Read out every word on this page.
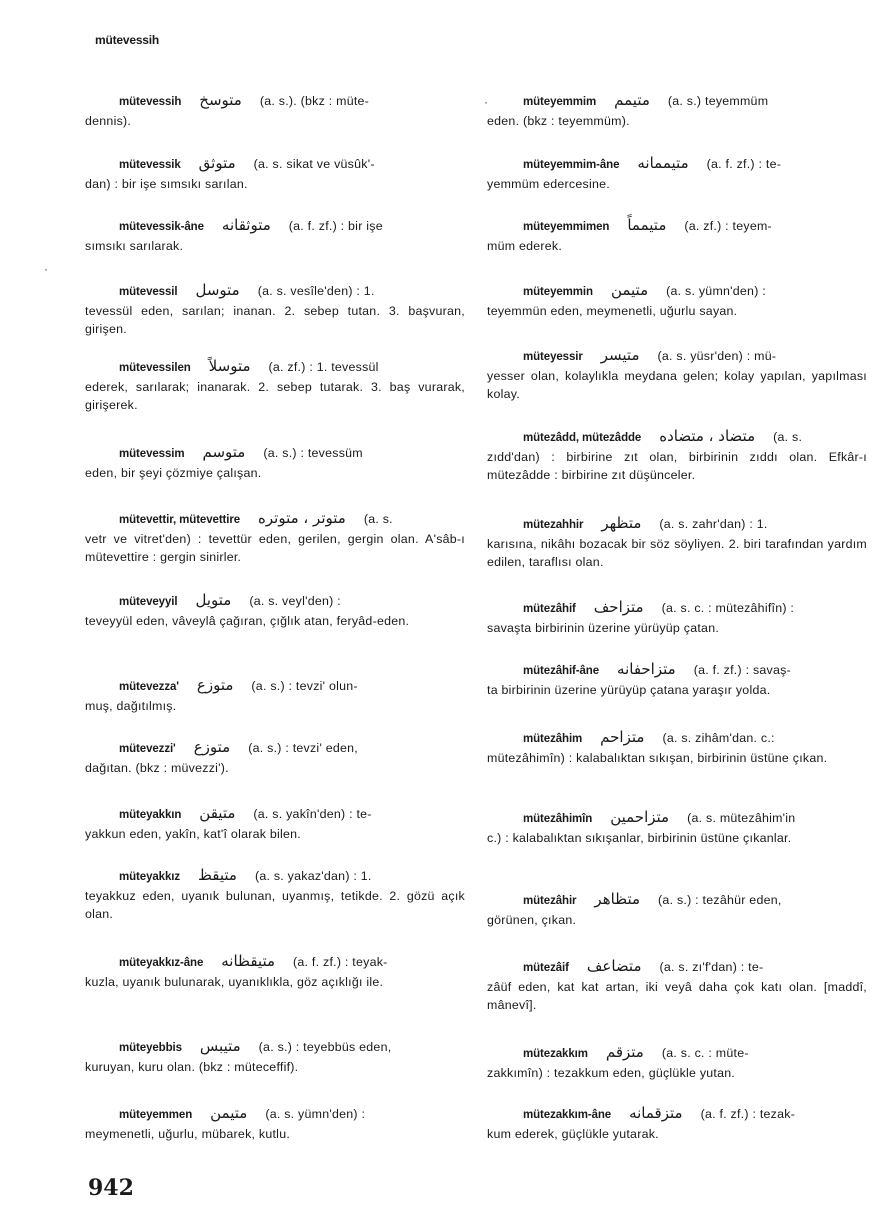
mütevessih
mütevessih متوسخ (a. s.). (bkz : müte-
dennis).
mütevessik متوثق (a. s. sikat ve vüsûk'-
dan) : bir işe sımsıkı sarılan.
mütevessik-âne متوثقانه (a. f. zf.) : bir işe
sımsıkı sarılarak.
mütevessil متوسل (a. s. vesîle'den) : 1.
tevessül eden, sarılan; inanan. 2. sebep tutan. 3. başvuran, girişen.
mütevessilen متوسلاً (a. zf.) : 1. tevessül
ederek, sarılarak; inanarak. 2. sebep tutarak. 3. baş vurarak, girişerek.
mütevessim متوسم (a. s.) : tevessüm
eden, bir şeyi çözmiye çalışan.
mütevettir, mütevettire متوتر ، متوتره (a. s.
vetr ve vitret'den) : tevettür eden, gerilen, gergin olan. A'sâb-ı mütevettire : gergin sinirler.
müteveyyil متويل (a. s. veyl'den) :
teveyyül eden, vâveylâ çağıran, çığlık atan, feryâd-eden.
mütevezza' متوزع (a. s.) : tevzi' olun-
muş, dağıtılmış.
mütevezzi' متوزع (a. s.) : tevzi' eden,
dağıtan. (bkz : müvezzi').
müteyakkın متيقن (a. s. yakîn'den) : te-
yakkun eden, yakîn, kat'î olarak bilen.
müteyakkız متيقظ (a. s. yakaz'dan) : 1.
teyakkuz eden, uyanık bulunan, uyanmış, tetikde. 2. gözü açık olan.
müteyakkız-âne متيقظانه (a. f. zf.) : teyak-
kuzla, uyanık bulunarak, uyanıklıkla, göz açıklığı ile.
müteyebbis متيبس (a. s.) : teyebbüs eden,
kuruyan, kuru olan. (bkz : müteceffif).
müteyemmen متيمن (a. s. yümn'den) :
meymenetli, uğurlu, mübarek, kutlu.
müteyemmim متيمم (a. s.) teyemmüm
eden. (bkz : teyemmüm).
müteyemmim-âne متيممانه (a. f. zf.) : te-
yemmüm edercesine.
müteyemmimen متيمماً (a. zf.) : teyem-
müm ederek.
müteyemmin متيمن (a. s. yümn'den) :
teyemmün eden, meymenetli, uğurlu sayan.
müteyessir متيسر (a. s. yüsr'den) : mü-
yesser olan, kolaylıkla meydana gelen; kolay yapılan, yapılması kolay.
mütezâdd, mütezâdde متضاد ، متضاده (a. s.
zıdd'dan) : birbirine zıt olan, birbirinin zıddı olan. Efkâr-ı mütezâdde : birbirine zıt düşünceler.
mütezahhir متظهر (a. s. zahr'dan) : 1.
karısına, nikâhı bozacak bir söz söyliyen. 2. biri tarafından yardım edilen, taraflısı olan.
mütezâhif متزاحف (a. s. c. : mütezâhifîn) :
savaşta birbirinin üzerine yürüyüp çatan.
mütezâhif-âne متزاحفانه (a. f. zf.) : savaş-
ta birbirinin üzerine yürüyüp çatana yaraşır yolda.
mütezâhim متزاحم (a. s. zihâm'dan. c.:
mütezâhimîn) : kalabalıktan sıkışan, birbirinin üstüne çıkan.
mütezâhimîn متزاحمين (a. s. mütezâhim'in
c.) : kalabalıktan sıkışanlar, birbirinin üstüne çıkanlar.
mütezâhir متظاهر (a. s.) : tezâhür eden,
görünen, çıkan.
mütezâif متضاعف (a. s. zı'f'dan) : te-
zâüf eden, kat kat artan, iki veyâ daha çok katı olan. [maddî, mânevî].
mütezakkım متزقم (a. s. c. : müte-
zakkımîn) : tezakkum eden, güçlükle yutan.
mütezakkım-âne متزقمانه (a. f. zf.) : tezak-
kum ederek, güçlükle yutarak.
942
·
·
